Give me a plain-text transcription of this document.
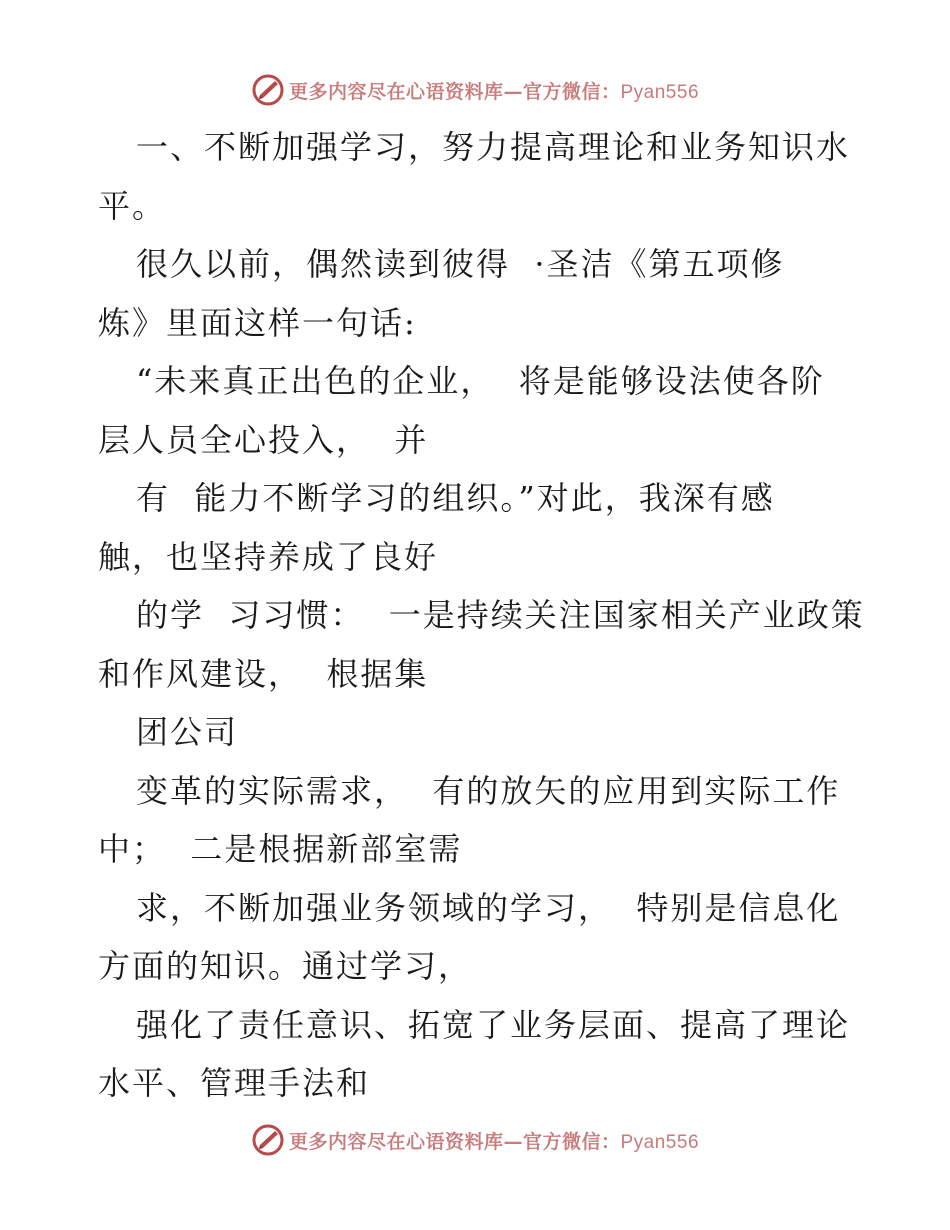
更多内容尽在心语资料库—官方微信：Pyan556
一、不断加强学习，努力提高理论和业务知识水
平。
很久以前，偶然读到彼得  ·圣洁《第五项修
炼》里面这样一句话:
“未来真正出色的企业，  将是能够设法使各阶
层人员全心投入，  并
有  能力不断学习的组织。”对此，我深有感
触，也坚持养成了良好
的学  习习惯：  一是持续关注国家相关产业政策
和作风建设，  根据集
团公司
变革的实际需求，  有的放矢的应用到实际工作
中；  二是根据新部室需
求，不断加强业务领域的学习，  特别是信息化
方面的知识。通过学习，
强化了责任意识、拓宽了业务层面、提高了理论
水平、管理手法和
更多内容尽在心语资料库—官方微信：Pyan556
